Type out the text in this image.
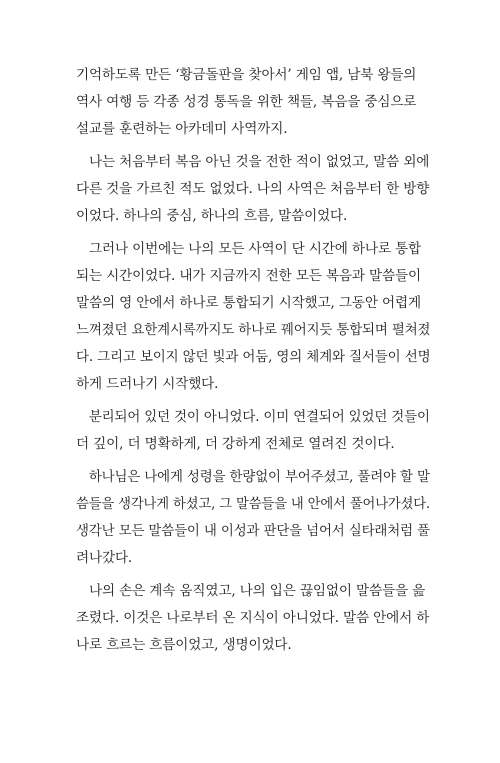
기억하도록 만든 ‘황금돌판을 찾아서’ 게임 앱, 남북 왕들의
역사 여행 등 각종 성경 통독을 위한 책들, 복음을 중심으로
설교를 훈련하는 아카데미 사역까지.
나는 처음부터 복음 아닌 것을 전한 적이 없었고, 말씀 외에
다른 것을 가르친 적도 없었다. 나의 사역은 처음부터 한 방향
이었다. 하나의 중심, 하나의 흐름, 말씀이었다.
그러나 이번에는 나의 모든 사역이 단 시간에 하나로 통합
되는 시간이었다. 내가 지금까지 전한 모든 복음과 말씀들이
말씀의 영 안에서 하나로 통합되기 시작했고, 그동안 어렵게
느껴졌던 요한계시록까지도 하나로 꿰어지듯 통합되며 펼쳐졌
다. 그리고 보이지 않던 빛과 어둠, 영의 체계와 질서들이 선명
하게 드러나기 시작했다.
분리되어 있던 것이 아니었다. 이미 연결되어 있었던 것들이
더 깊이, 더 명확하게, 더 강하게 전체로 열려진 것이다.
하나님은 나에게 성령을 한량없이 부어주셨고, 풀려야 할 말
씀들을 생각나게 하셨고, 그 말씀들을 내 안에서 풀어나가셨다.
생각난 모든 말씀들이 내 이성과 판단을 넘어서 실타래처럼 풀
려나갔다.
나의 손은 계속 움직였고, 나의 입은 끊임없이 말씀들을 읊
조렸다. 이것은 나로부터 온 지식이 아니었다. 말씀 안에서 하
나로 흐르는 흐름이었고, 생명이었다.
